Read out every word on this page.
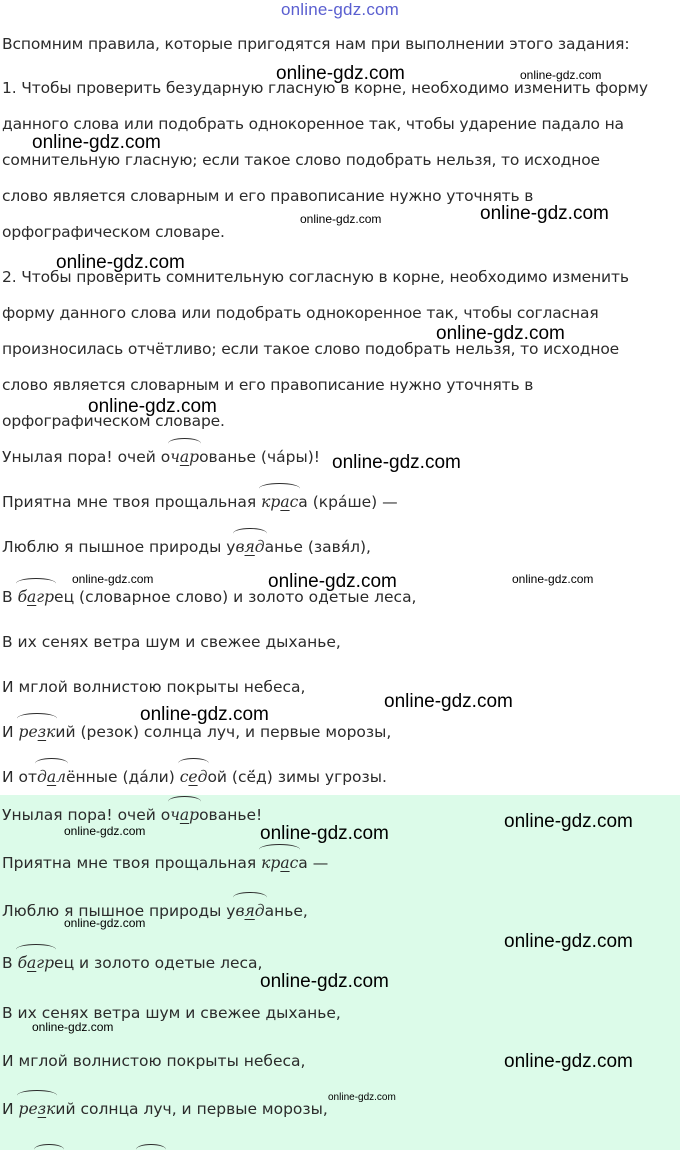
online-gdz.com
Вспомним правила, которые пригодятся нам при выполнении этого задания:
1. Чтобы проверить безударную гласную в корне, необходимо изменить форму
данного слова или подобрать однокоренное так, чтобы ударение падало на
сомнительную гласную; если такое слово подобрать нельзя, то исходное
слово является словарным и его правописание нужно уточнять в
орфографическом словаре.
2. Чтобы проверить сомнительную согласную в корне, необходимо изменить
форму данного слова или подобрать однокоренное так, чтобы согласная
произносилась отчётливо; если такое слово подобрать нельзя, то исходное
слово является словарным и его правописание нужно уточнять в
орфографическом словаре.
Унылая пора! очей о
чарованье (ча́ры)!
Приятна мне твоя прощальная
краса (кра́ше) —
Люблю я пышное природы у
вяданье (завя́л),
В
багрец (словарное слово) и золото одетые леса,
В их сенях ветра шум и свежее дыханье,
И мглой волнистою покрыты небеса,
И
резкий (резок) солнца луч, и первые морозы,
И от
далённые (да́ли)
седой (сё́д) зимы угрозы.
Унылая пора! очей о
чарованье!
Приятна мне твоя прощальная
краса —
Люблю я пышное природы у
вяданье,
В
багрец и золото одетые леса,
В их сенях ветра шум и свежее дыханье,
И мглой волнистою покрыты небеса,
И
резкий солнца луч, и первые морозы,
online-gdz.com	online-gdz.com
online-gdz.com
online-gdz.com	online-gdz.com
online-gdz.com
online-gdz.com
online-gdz.com
online-gdz.com
online-gdz.com	online-gdz.com	online-gdz.com
online-gdz.com
online-gdz.com
online-gdz.com	online-gdz.com
online-gdz.com
online-gdz.com
online-gdz.com
online-gdz.com
online-gdz.com
online-gdz.com
online-gdz.com
